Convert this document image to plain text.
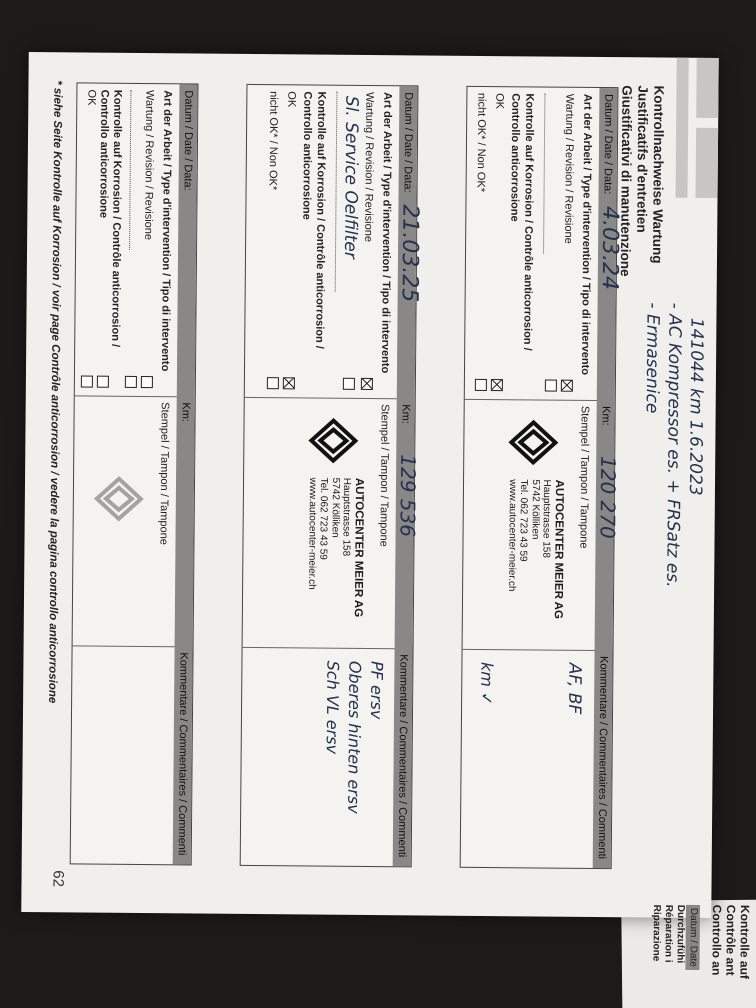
62
Kontrollnachweise Wartung
Justificatifs d'entretien
Giustificativi di manutenzione
141044 km 1.6.2023
- AC Kompressor es. + FRSatz es.
- Ermasenice
Datum / Date / Data:
Km:
Kommentare / Commentaires / Commenti
4.03.24
120 270
Art der Arbeit / Type d'intervention / Tipo di intervento
Wartung / Revision / Revisione
Kontrolle auf Korrosion / Contrôle anticorrosion /
Controllo anticorrosione
OK
nicht OK* / Non OK*
Stempel / Tampon / Tampone
AUTOCENTER MEIER AG
Hauptstrasse 158
5742 Kölliken
Tel. 062 723 43 59
www.autocenter-meier.ch
AF, BF
km ✓
Datum / Date / Data:
Km:
Kommentare / Commentaires / Commenti
21.03.25
129 536
Art der Arbeit / Type d'intervention / Tipo di intervento
Wartung / Revision / Revisione
Sl. Service Oelfilter
Kontrolle auf Korrosion / Contrôle anticorrosion /
Controllo anticorrosione
OK
nicht OK* / Non OK*
Stempel / Tampon / Tampone
AUTOCENTER MEIER AG
Hauptstrasse 158
5742 Kölliken
Tel. 062 723 43 59
www.autocenter-meier.ch
PF ersv
Oberes hinten ersv
Sch VL ersv
Datum / Date / Data:
Km:
Kommentare / Commentaires / Commenti
Art der Arbeit / Type d'intervention / Tipo di intervento
Wartung / Revision / Revisione
Kontrolle auf Korrosion / Contrôle anticorrosion /
Controllo anticorrosione
OK
Stempel / Tampon / Tampone
* siehe Seite Kontrolle auf Korrosion / voir page Contrôle anticorrosion / vedere la pagina controllo anticorrosione
Kontrolle auf
Contrôle ant
Controllo an
Datum / Date
Durchzufühi
Réparation i
Riparazione
